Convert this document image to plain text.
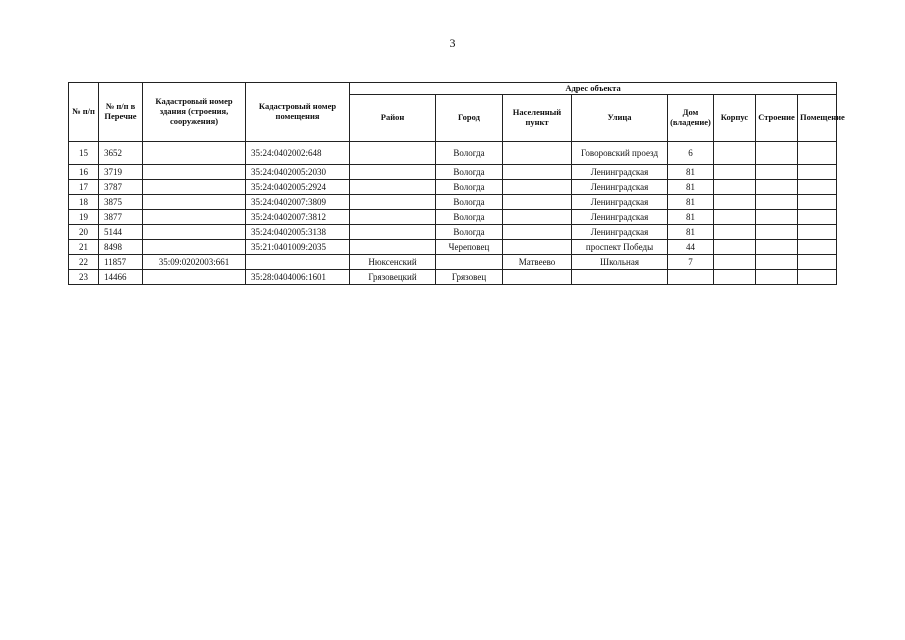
3
№ п/п	№ п/п в Перечне	Кадастровый номер здания (строения, сооружения)	Кадастровый номер помещения	Адрес объекта							
				Район	Город	Населенный пункт	Улица	Дом (владение)	Корпус	Строение	Помещение
15	3652		35:24:0402002:648		Вологда		Говоровский проезд	6			
16	3719		35:24:0402005:2030		Вологда		Ленинградская	81			
17	3787		35:24:0402005:2924		Вологда		Ленинградская	81			
18	3875		35:24:0402007:3809		Вологда		Ленинградская	81			
19	3877		35:24:0402007:3812		Вологда		Ленинградская	81			
20	5144		35:24:0402005:3138		Вологда		Ленинградская	81			
21	8498		35:21:0401009:2035		Череповец		проспект Победы	44			
22	11857	35:09:0202003:661		Нюксенский		Матвеево	Школьная	7			
23	14466		35:28:0404006:1601	Грязовецкий	Грязовец						
